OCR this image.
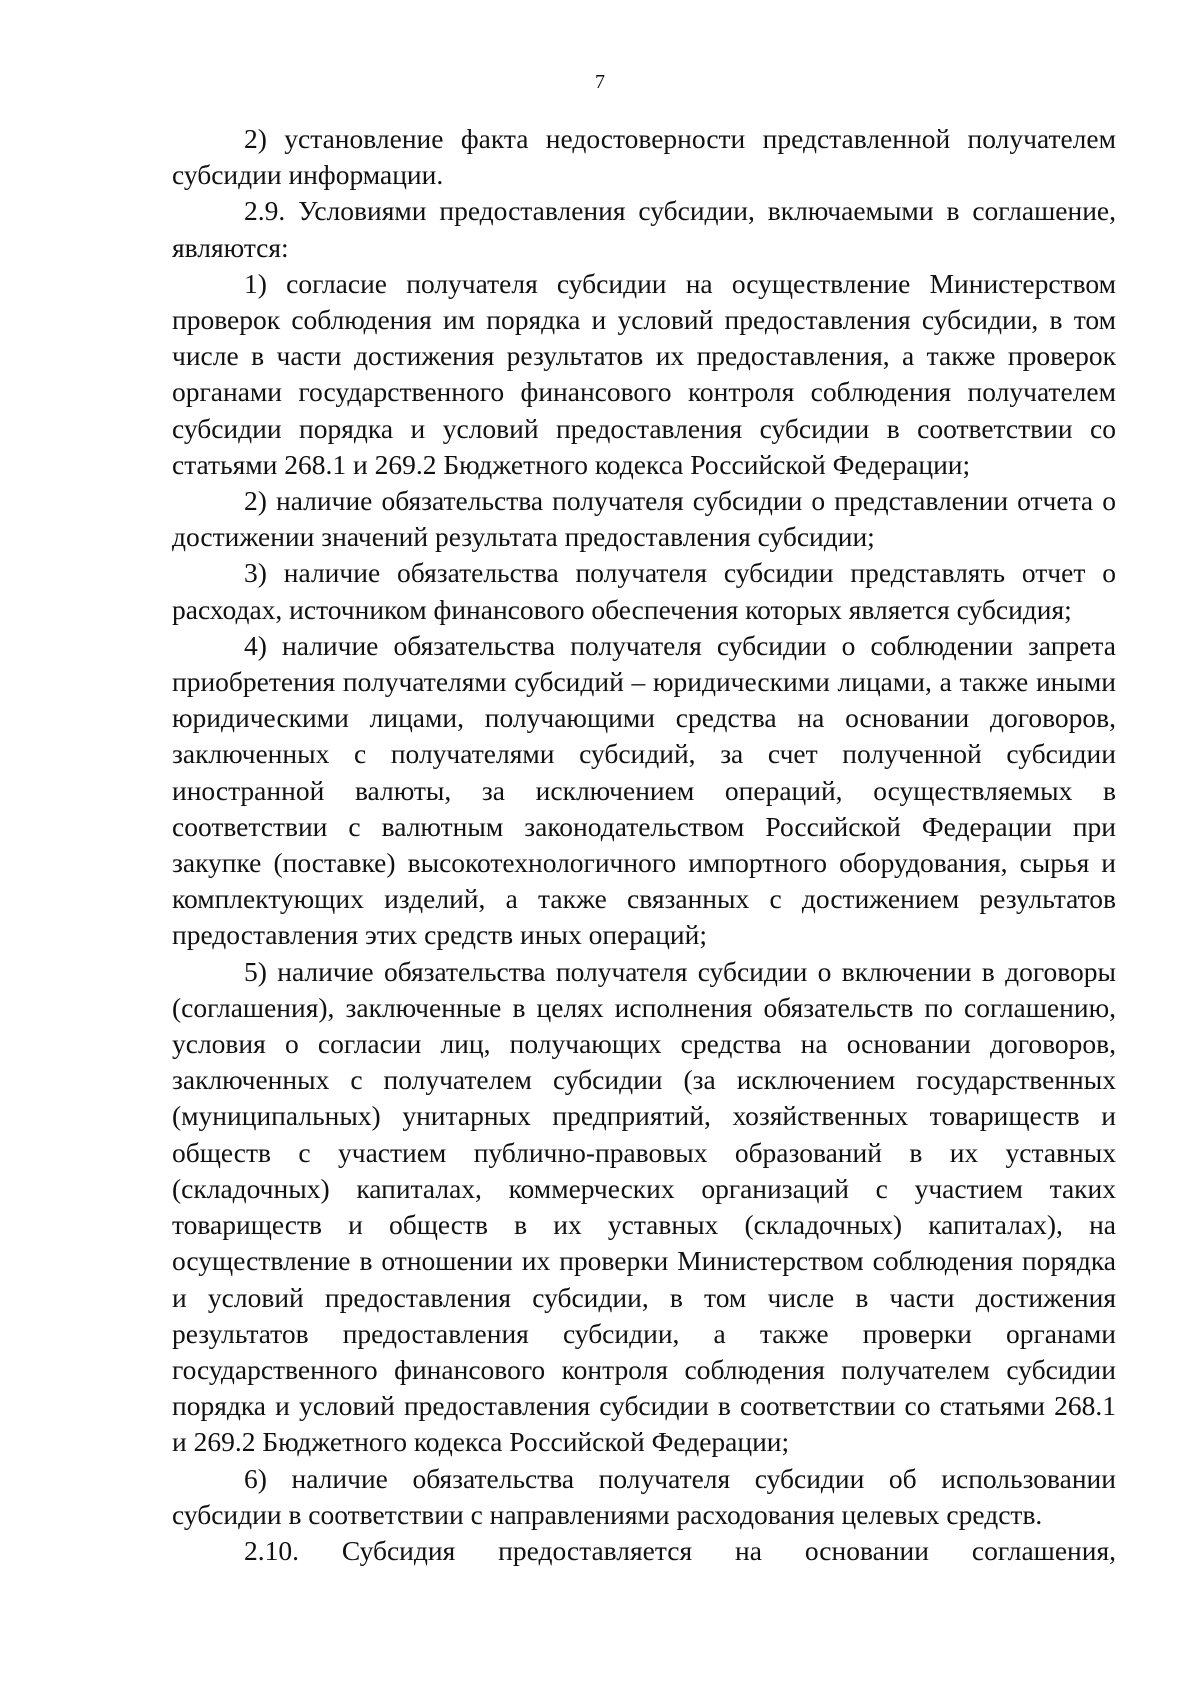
7

2) установление факта недостоверности представленной получателем субсидии информации.

2.9. Условиями предоставления субсидии, включаемыми в соглашение, являются:

1) согласие получателя субсидии на осуществление Министерством проверок соблюдения им порядка и условий предоставления субсидии, в том числе в части достижения результатов их предоставления, а также проверок органами государственного финансового контроля соблюдения получателем субсидии порядка и условий предоставления субсидии в соответствии со статьями 268.1 и 269.2 Бюджетного кодекса Российской Федерации;

2) наличие обязательства получателя субсидии о представлении отчета о достижении значений результата предоставления субсидии;

3) наличие обязательства получателя субсидии представлять отчет о расходах, источником финансового обеспечения которых является субсидия;

4) наличие обязательства получателя субсидии о соблюдении запрета приобретения получателями субсидий – юридическими лицами, а также иными юридическими лицами, получающими средства на основании договоров, заключенных с получателями субсидий, за счет полученной субсидии иностранной валюты, за исключением операций, осуществляемых в соответствии с валютным законодательством Российской Федерации при закупке (поставке) высокотехнологичного импортного оборудования, сырья и комплектующих изделий, а также связанных с достижением результатов предоставления этих средств иных операций;

5) наличие обязательства получателя субсидии о включении в договоры (соглашения), заключенные в целях исполнения обязательств по соглашению, условия о согласии лиц, получающих средства на основании договоров, заключенных с получателем субсидии (за исключением государственных (муниципальных) унитарных предприятий, хозяйственных товариществ и обществ с участием публично-правовых образований в их уставных (складочных) капиталах, коммерческих организаций с участием таких товариществ и обществ в их уставных (складочных) капиталах), на осуществление в отношении их проверки Министерством соблюдения порядка и условий предоставления субсидии, в том числе в части достижения результатов предоставления субсидии, а также проверки органами государственного финансового контроля соблюдения получателем субсидии порядка и условий предоставления субсидии в соответствии со статьями 268.1 и 269.2 Бюджетного кодекса Российской Федерации;

6) наличие обязательства получателя субсидии об использовании субсидии в соответствии с направлениями расходования целевых средств.

2.10. Субсидия предоставляется на основании соглашения,
